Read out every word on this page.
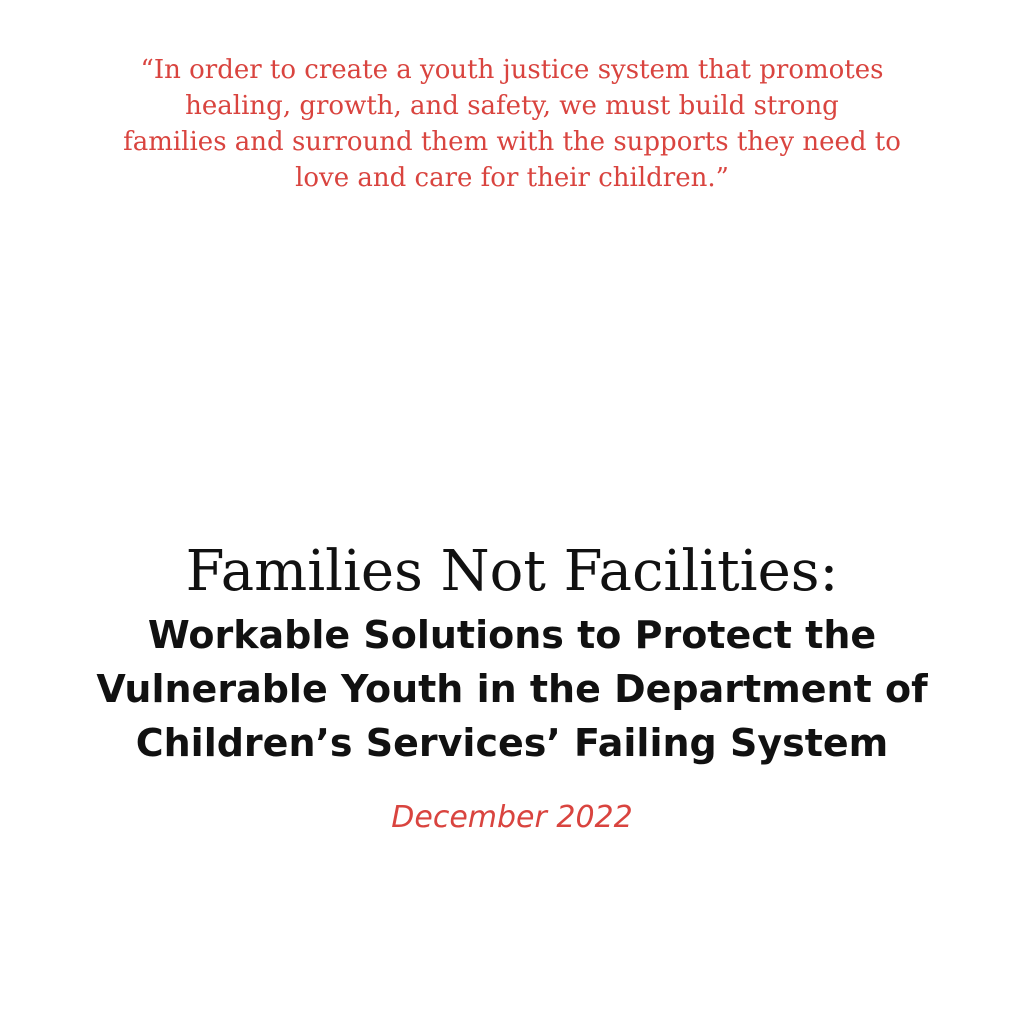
“In order to create a youth justice system that promotes
healing, growth, and safety, we must build strong
families and surround them with the supports they need to
love and care for their children.”

Families Not Facilities:
Workable Solutions to Protect the
Vulnerable Youth in the Department of
Children’s Services’ Failing System

December 2022
